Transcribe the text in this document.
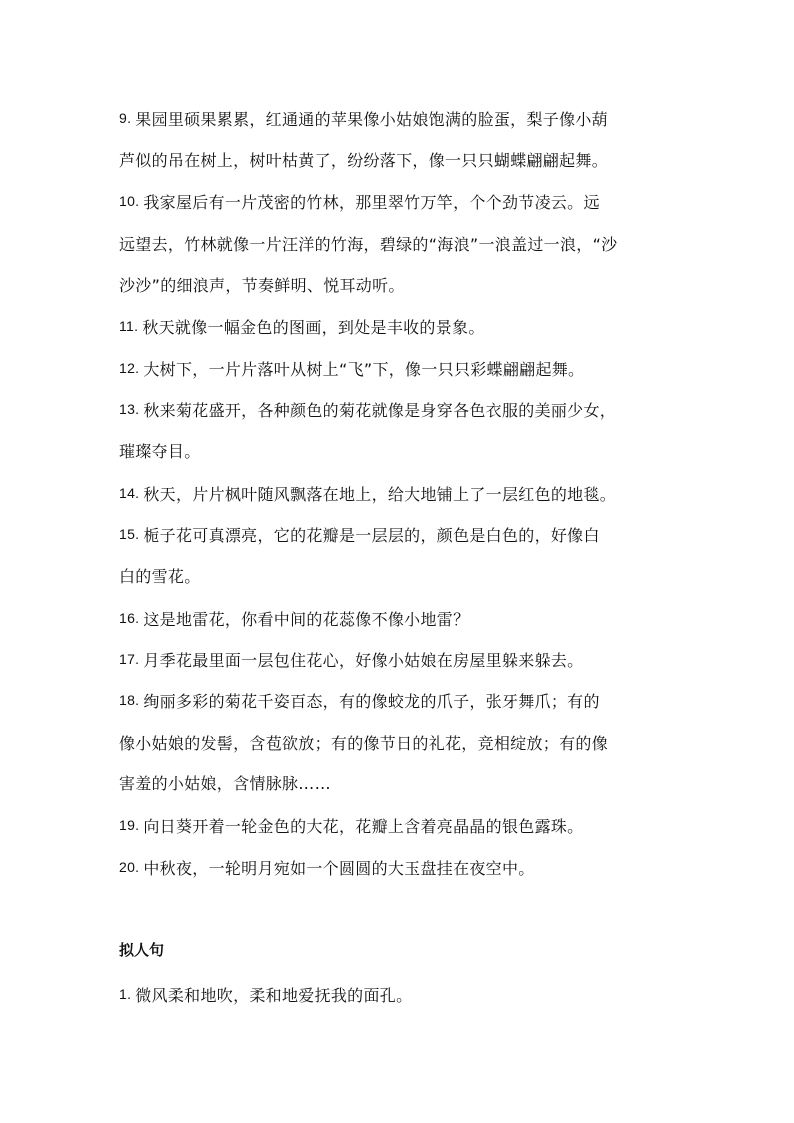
9. 果园里硕果累累，红通通的苹果像小姑娘饱满的脸蛋，梨子像小葫
芦似的吊在树上，树叶枯黄了，纷纷落下，像一只只蝴蝶翩翩起舞。
10. 我家屋后有一片茂密的竹林，那里翠竹万竿，个个劲节凌云。远
远望去，竹林就像一片汪洋的竹海，碧绿的“海浪”一浪盖过一浪，“沙
沙沙”的细浪声，节奏鲜明、悦耳动听。
11. 秋天就像一幅金色的图画，到处是丰收的景象。
12. 大树下，一片片落叶从树上“飞”下，像一只只彩蝶翩翩起舞。
13. 秋来菊花盛开，各种颜色的菊花就像是身穿各色衣服的美丽少女，
璀璨夺目。
14. 秋天，片片枫叶随风飘落在地上，给大地铺上了一层红色的地毯。
15. 栀子花可真漂亮，它的花瓣是一层层的，颜色是白色的，好像白
白的雪花。
16. 这是地雷花，你看中间的花蕊像不像小地雷？
17. 月季花最里面一层包住花心，好像小姑娘在房屋里躲来躲去。
18. 绚丽多彩的菊花千姿百态，有的像蛟龙的爪子，张牙舞爪；有的
像小姑娘的发髻，含苞欲放；有的像节日的礼花，竞相绽放；有的像
害羞的小姑娘，含情脉脉……
19. 向日葵开着一轮金色的大花，花瓣上含着亮晶晶的银色露珠。
20. 中秋夜，一轮明月宛如一个圆圆的大玉盘挂在夜空中。
拟人句
1. 微风柔和地吹，柔和地爱抚我的面孔。
